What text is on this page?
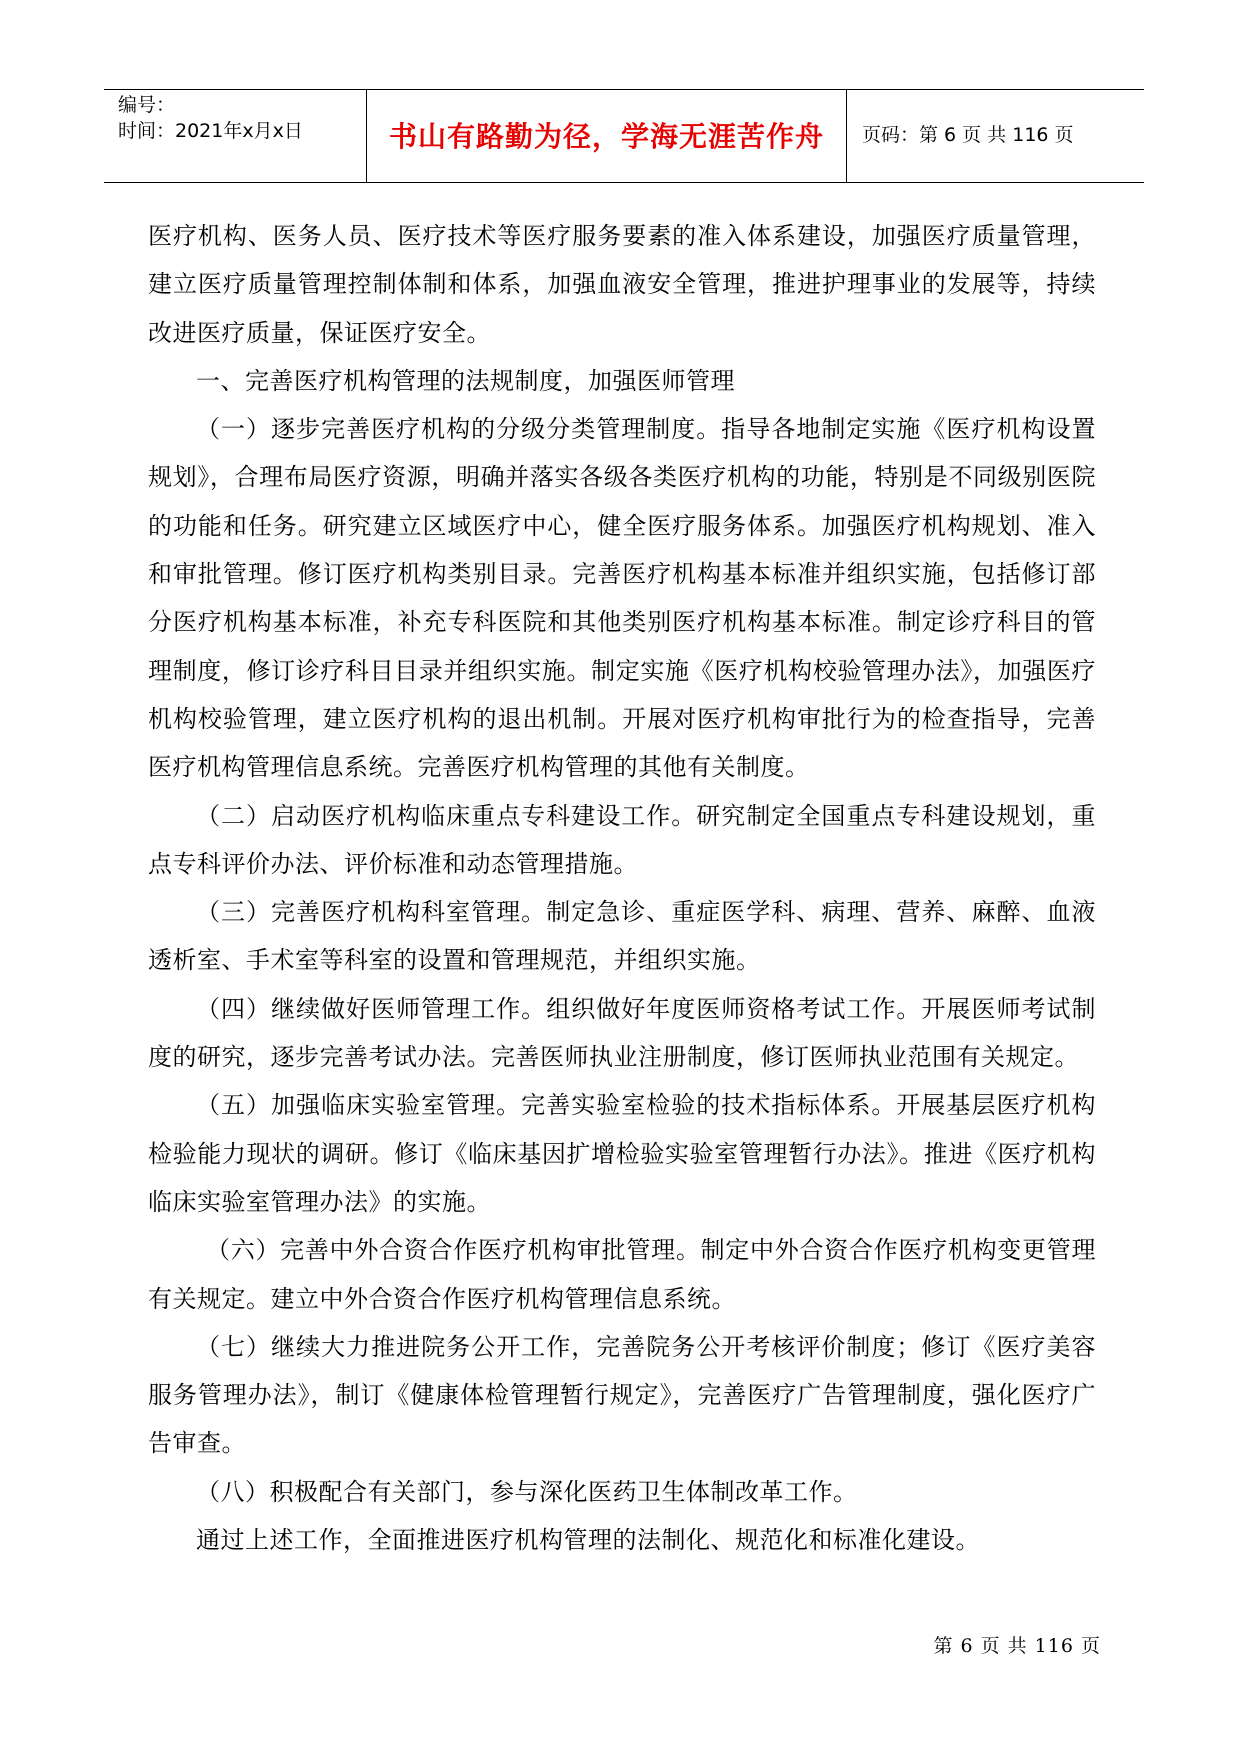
编号：
时间：2021年x月x日	书山有路勤为径，学海无涯苦作舟	页码：第 6 页 共 116 页

医疗机构、医务人员、医疗技术等医疗服务要素的准入体系建设，加强医疗质量管理，建立医疗质量管理控制体制和体系，加强血液安全管理，推进护理事业的发展等，持续改进医疗质量，保证医疗安全。

一、完善医疗机构管理的法规制度，加强医师管理

（一）逐步完善医疗机构的分级分类管理制度。指导各地制定实施《医疗机构设置规划》，合理布局医疗资源，明确并落实各级各类医疗机构的功能，特别是不同级别医院的功能和任务。研究建立区域医疗中心，健全医疗服务体系。加强医疗机构规划、准入和审批管理。修订医疗机构类别目录。完善医疗机构基本标准并组织实施，包括修订部分医疗机构基本标准，补充专科医院和其他类别医疗机构基本标准。制定诊疗科目的管理制度，修订诊疗科目目录并组织实施。制定实施《医疗机构校验管理办法》，加强医疗机构校验管理，建立医疗机构的退出机制。开展对医疗机构审批行为的检查指导，完善医疗机构管理信息系统。完善医疗机构管理的其他有关制度。

（二）启动医疗机构临床重点专科建设工作。研究制定全国重点专科建设规划，重点专科评价办法、评价标准和动态管理措施。

（三）完善医疗机构科室管理。制定急诊、重症医学科、病理、营养、麻醉、血液透析室、手术室等科室的设置和管理规范，并组织实施。

（四）继续做好医师管理工作。组织做好年度医师资格考试工作。开展医师考试制度的研究，逐步完善考试办法。完善医师执业注册制度，修订医师执业范围有关规定。

（五）加强临床实验室管理。完善实验室检验的技术指标体系。开展基层医疗机构检验能力现状的调研。修订《临床基因扩增检验实验室管理暂行办法》。推进《医疗机构临床实验室管理办法》的实施。

（六）完善中外合资合作医疗机构审批管理。制定中外合资合作医疗机构变更管理有关规定。建立中外合资合作医疗机构管理信息系统。

（七）继续大力推进院务公开工作，完善院务公开考核评价制度；修订《医疗美容服务管理办法》，制订《健康体检管理暂行规定》，完善医疗广告管理制度，强化医疗广告审查。

（八）积极配合有关部门，参与深化医药卫生体制改革工作。

通过上述工作，全面推进医疗机构管理的法制化、规范化和标准化建设。

第 6 页 共 116 页
